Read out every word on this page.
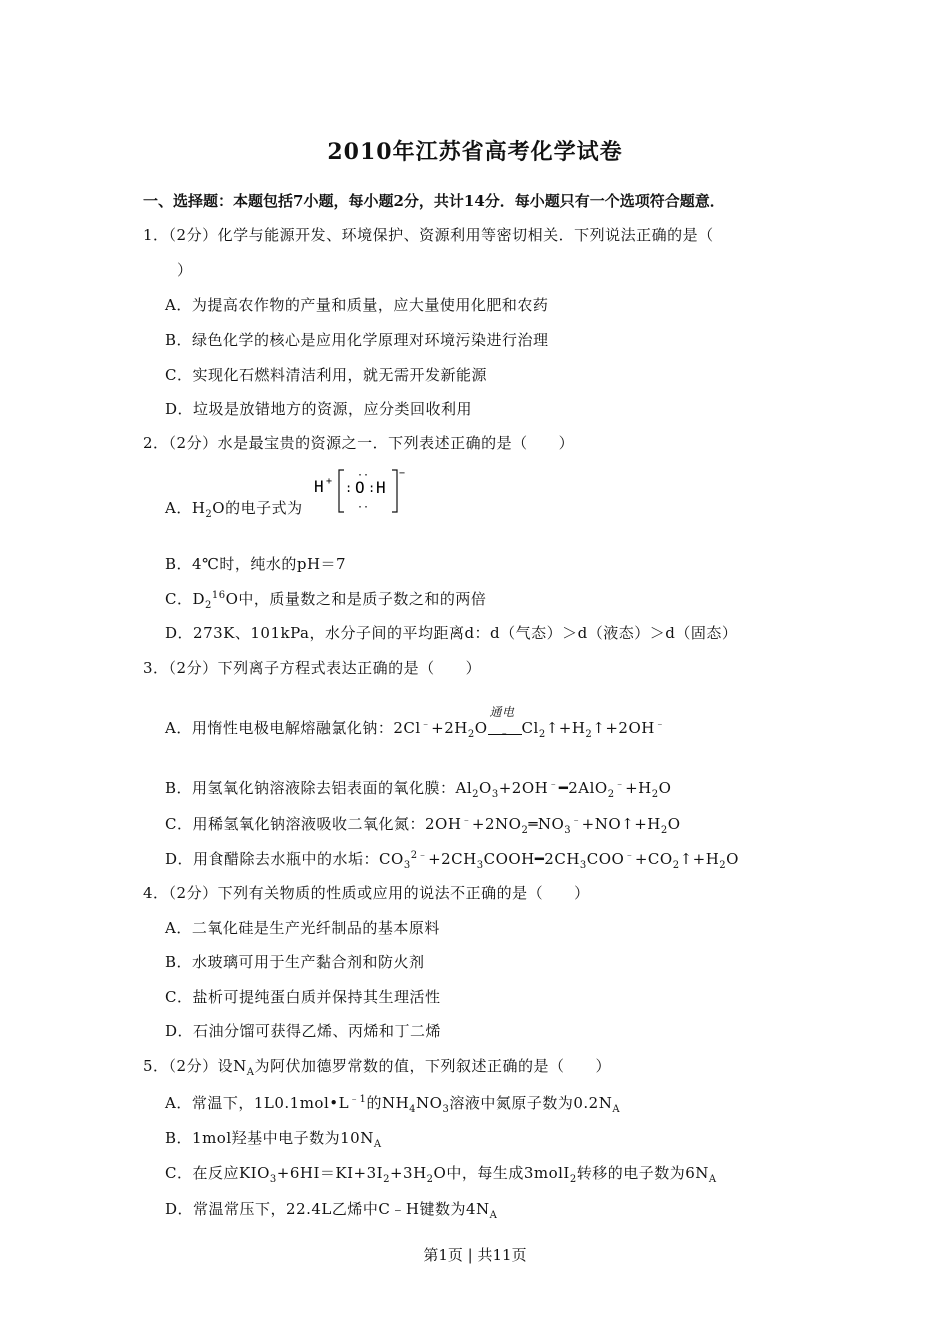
2010年江苏省高考化学试卷
一、选择题：本题包括7小题，每小题2分，共计14分．每小题只有一个选项符合题意．
1．（2分）化学与能源开发、环境保护、资源利用等密切相关．下列说法正确的是（
）
A．为提高农作物的产量和质量，应大量使用化肥和农药
B．绿色化学的核心是应用化学原理对环境污染进行治理
C．实现化石燃料清洁利用，就无需开发新能源
D．垃圾是放错地方的资源，应分类回收利用
2．（2分）水是最宝贵的资源之一．下列表述正确的是（　　）
A．$H_2O$的电子式为
H + : O
··
··
: H
−
B．4℃时，纯水的pH＝7
C．$D_2^{16}O$中，质量数之和是质子数之和的两倍
D．273K、101kPa，水分子间的平均距离d：d（气态）＞d（液态）＞d（固态）
3．（2分）下列离子方程式表达正确的是（　　）
A．用惰性电极电解熔融氯化钠：$2Cl^﹣+2H_2O$
通电
﹣ $Cl_2↑+H_2↑+2OH^﹣$
B．用氢氧化钠溶液除去铝表面的氧化膜：$Al_2O_3+2OH^﹣━2AlO_2^﹣+H_2O$
C．用稀氢氧化钠溶液吸收二氧化氮：$2OH^﹣+2NO_2═NO_3^﹣+NO↑+H_2O$
D．用食醋除去水瓶中的水垢：$CO_3^{2﹣}+2CH_3COOH━2CH_3COO^﹣+CO_2↑+H_2O$
4．（2分）下列有关物质的性质或应用的说法不正确的是（　　）
A．二氧化硅是生产光纤制品的基本原料
B．水玻璃可用于生产黏合剂和防火剂
C．盐析可提纯蛋白质并保持其生理活性
D．石油分馏可获得乙烯、丙烯和丁二烯
5．（2分）设$N_A$为阿伏加德罗常数的值，下列叙述正确的是（　　）
A．常温下，$1L0.1mol•L^{﹣1}$的$NH_4NO_3$溶液中氮原子数为$0.2N_A$
B．1mol羟基中电子数为$10N_A$
C．在反应$KIO_3+6HI=KI+3I_2+3H_2O$中，每生成3molI$_2$转移的电子数为$6N_A$
D．常温常压下，22.4L乙烯中C﹣H键数为$4N_A$
第1页 | 共11页
